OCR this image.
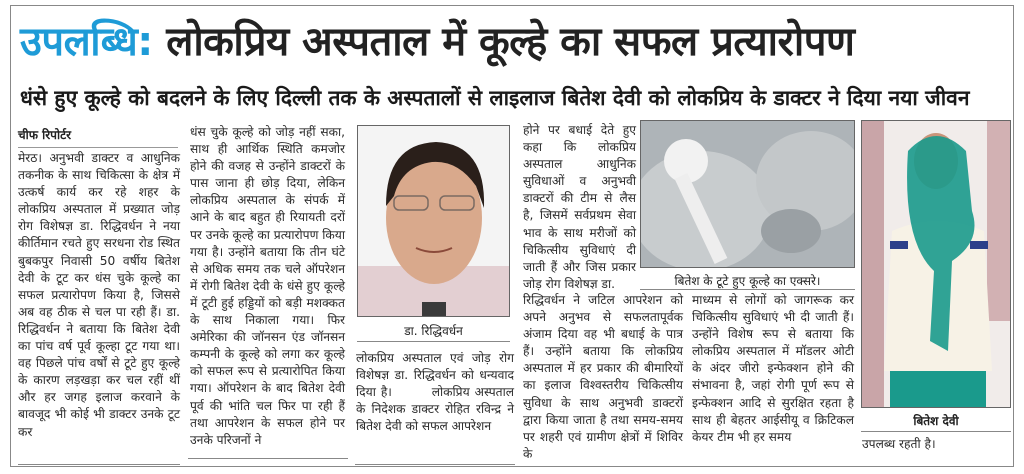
उपलब्धि: लोकप्रिय अस्पताल में कूल्हे का सफल प्रत्यारोपण
धंसे हुए कूल्हे को बदलने के लिए दिल्ली तक के अस्पतालों से लाइलाज बितेश देवी को लोकप्रिय के डाक्टर ने दिया नया जीवन
चीफ रिपोर्टर
मेरठ। अनुभवी डाक्टर व आधुनिक तकनीक के साथ चिकित्सा के क्षेत्र में उत्कर्ष कार्य कर रहे शहर के लोकप्रिय अस्पताल में प्रख्यात जोड़ रोग विशेषज्ञ डा. रिद्धिवर्धन ने नया कीर्तिमान रचते हुए सरधना रोड स्थित बुबकपुर निवासी 50 वर्षीय बितेश देवी के टूट कर धंस चुके कूल्हे का सफल प्रत्यारोपण किया है, जिससे अब वह ठीक से चल पा रही हैं। डा. रिद्धिवर्धन ने बताया कि बितेश देवी का पांच वर्ष पूर्व कूल्हा टूट गया था। वह पिछले पांच वर्षों से टूटे हुए कूल्हे के कारण लड़खड़ा कर चल रहीं थीं और हर जगह इलाज करवाने के बावजूद भी कोई भी डाक्टर उनके टूट कर
धंस चुके कूल्हे को जोड़ नहीं सका, साथ ही आर्थिक स्थिति कमजोर होने की वजह से उन्होंने डाक्टरों के पास जाना ही छोड़ दिया, लेकिन लोकप्रिय अस्पताल के संपर्क में आने के बाद बहुत ही रियायती दरों पर उनके कूल्हे का प्रत्यारोपण किया गया है। उन्होंने बताया कि तीन घंटे से अधिक समय तक चले ऑपरेशन में रोगी बितेश देवी के धंसे हुए कूल्हे में टूटी हुई हड्डियों को बड़ी मशक्कत के साथ निकाला गया। फिर अमेरिका की जॉनसन एंड जॉनसन कम्पनी के कूल्हे को लगा कर कूल्हे को सफल रूप से प्रत्यारोपित किया गया। ऑपरेशन के बाद बितेश देवी पूर्व की भांति चल फिर पा रही हैं तथा आपरेशन के सफल होने पर उनके परिजनों ने
डा. रिद्धिवर्धन
लोकप्रिय अस्पताल एवं जोड़ रोग विशेषज्ञ डा. रिद्धिवर्धन को धन्यवाद दिया है।        लोकप्रिय अस्पताल के निदेशक डाक्टर रोहित रविन्द्र ने बितेश देवी को सफल आपरेशन
होने पर बधाई देते हुए कहा कि लोकप्रिय अस्पताल आधुनिक सुविधाओं व अनुभवी डाक्टरों की टीम से लैस है, जिसमें सर्वप्रथम सेवा भाव के साथ मरीजों को चिकित्सीय सुविधाएं दी जाती हैं और जिस प्रकार जोड़ रोग विशेषज्ञ डा.
रिद्धिवर्धन ने जटिल आपरेशन को अपने अनुभव से सफलतापूर्वक अंजाम दिया वह भी बधाई के पात्र हैं। उन्होंने बताया कि लोकप्रिय अस्पताल में हर प्रकार की बीमारियों का इलाज विश्वस्तरीय चिकित्सीय सुविधा के साथ अनुभवी डाक्टरों द्वारा किया जाता है तथा समय-समय पर शहरी एवं ग्रामीण क्षेत्रों में शिविर के
बितेश के टूटे हुए कूल्हे का एक्सरे।
माध्यम से लोगों को जागरूक कर चिकित्सीय सुविधाएं भी दी जाती हैं। उन्होंने विशेष रूप से बताया कि लोकप्रिय अस्पताल में मॉडलर ओटी के अंदर जीरो इन्फेक्शन होने की संभावना है, जहां रोगी पूर्ण रूप से इन्फेक्शन आदि से सुरक्षित रहता है साथ ही बेहतर आईसीयू व क्रिटिकल केयर टीम भी हर समय
बितेश देवी
उपलब्ध रहती है।
